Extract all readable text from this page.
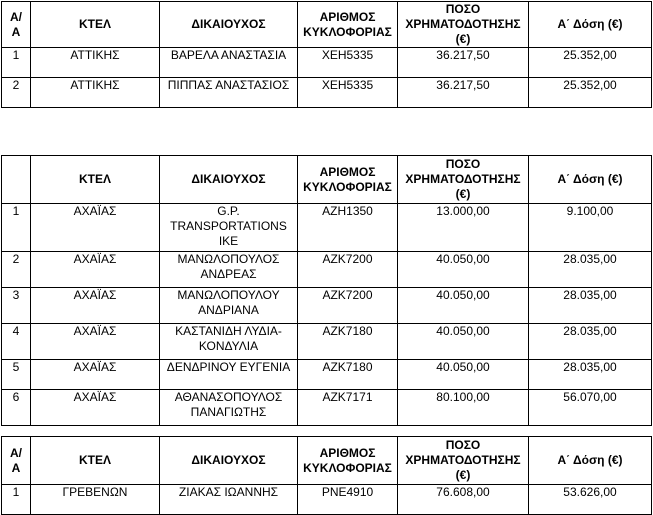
Α/Α	ΚΤΕΛ	ΔΙΚΑΙΟΥΧΟΣ	ΑΡΙΘΜΟΣ ΚΥΚΛΟΦΟΡΙΑΣ	ΠΟΣΟ ΧΡΗΜΑΤΟΔΟΤΗΣΗΣ (€)	Α΄ Δόση (€)
1	ΑΤΤΙΚΗΣ	ΒΑΡΕΛΑ ΑΝΑΣΤΑΣΙΑ	ΧΕΗ5335	36.217,50	25.352,00
2	ΑΤΤΙΚΗΣ	ΠΙΠΠΑΣ ΑΝΑΣΤΑΣΙΟΣ	ΧΕΗ5335	36.217,50	25.352,00
	ΚΤΕΛ	ΔΙΚΑΙΟΥΧΟΣ	ΑΡΙΘΜΟΣ ΚΥΚΛΟΦΟΡΙΑΣ	ΠΟΣΟ ΧΡΗΜΑΤΟΔΟΤΗΣΗΣ (€)	Α΄ Δόση (€)
1	ΑΧΑΪΑΣ	G.P. TRANSPORTATIONS ΙΚΕ	ΑΖΗ1350	13.000,00	9.100,00
2	ΑΧΑΪΑΣ	ΜΑΝΩΛΟΠΟΥΛΟΣ ΑΝΔΡΕΑΣ	ΑΖΚ7200	40.050,00	28.035,00
3	ΑΧΑΪΑΣ	ΜΑΝΩΛΟΠΟΥΛΟΥ ΑΝΔΡΙΑΝΑ	ΑΖΚ7200	40.050,00	28.035,00
4	ΑΧΑΪΑΣ	ΚΑΣΤΑΝΙΔΗ ΛΥΔΙΑ-ΚΟΝΔΥΛΙΑ	ΑΖΚ7180	40.050,00	28.035,00
5	ΑΧΑΪΑΣ	ΔΕΝΔΡΙΝΟΥ ΕΥΓΕΝΙΑ	ΑΖΚ7180	40.050,00	28.035,00
6	ΑΧΑΪΑΣ	ΑΘΑΝΑΣΟΠΟΥΛΟΣ ΠΑΝΑΓΙΩΤΗΣ	ΑΖΚ7171	80.100,00	56.070,00
Α/Α	ΚΤΕΛ	ΔΙΚΑΙΟΥΧΟΣ	ΑΡΙΘΜΟΣ ΚΥΚΛΟΦΟΡΙΑΣ	ΠΟΣΟ ΧΡΗΜΑΤΟΔΟΤΗΣΗΣ (€)	Α΄ Δόση (€)
1	ΓΡΕΒΕΝΩΝ	ΖΙΑΚΑΣ ΙΩΑΝΝΗΣ	ΡΝΕ4910	76.608,00	53.626,00
